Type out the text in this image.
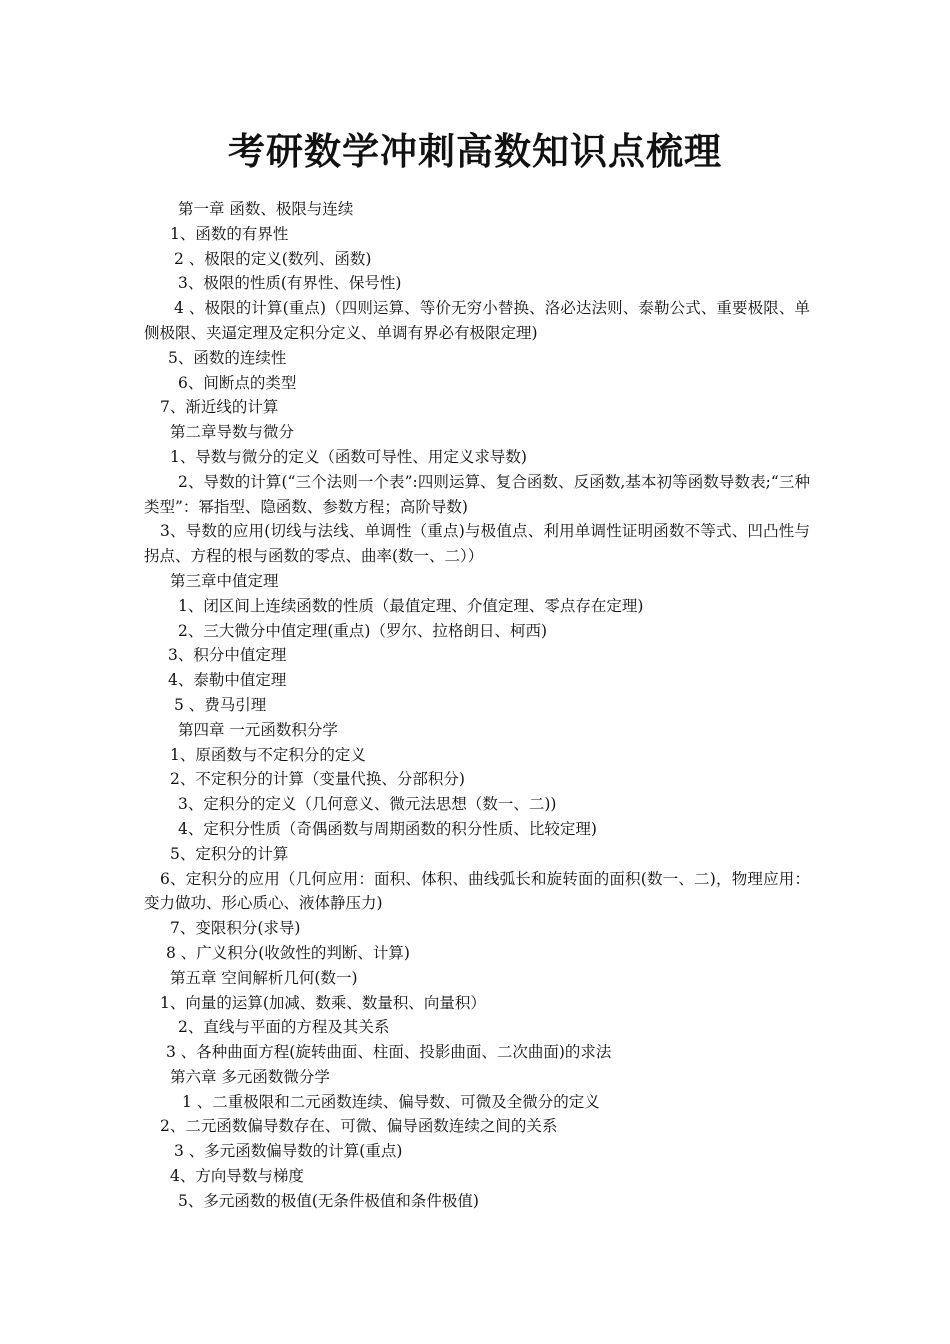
考研数学冲刺高数知识点梳理

第一章 函数、极限与连续

1、函数的有界性

2 、极限的定义(数列、函数)

3、极限的性质(有界性、保号性)

4 、极限的计算(重点)（四则运算、等价无穷小替换、洛必达法则、泰勒公式、重要极限、单侧极限、夹逼定理及定积分定义、单调有界必有极限定理)

5、函数的连续性

6、间断点的类型

7、渐近线的计算

第二章导数与微分

1、导数与微分的定义（函数可导性、用定义求导数)

2、导数的计算(“三个法则一个表”:四则运算、复合函数、反函数,基本初等函数导数表;“三种类型”：幂指型、隐函数、参数方程；高阶导数)

3、导数的应用(切线与法线、单调性（重点)与极值点、利用单调性证明函数不等式、凹凸性与拐点、方程的根与函数的零点、曲率(数一、二））

第三章中值定理

1、闭区间上连续函数的性质（最值定理、介值定理、零点存在定理)

2、三大微分中值定理(重点)（罗尔、拉格朗日、柯西)

3、积分中值定理

4、泰勒中值定理

5 、费马引理

第四章 一元函数积分学

1、原函数与不定积分的定义

2、不定积分的计算（变量代换、分部积分)

3、定积分的定义（几何意义、微元法思想（数一、二))

4、定积分性质（奇偶函数与周期函数的积分性质、比较定理)

5、定积分的计算

6、定积分的应用（几何应用：面积、体积、曲线弧长和旋转面的面积(数一、二)，物理应用：变力做功、形心质心、液体静压力)

7、变限积分(求导)

8 、广义积分(收敛性的判断、计算)

第五章 空间解析几何(数一)

1、向量的运算(加减、数乘、数量积、向量积）

2、直线与平面的方程及其关系

3 、各种曲面方程(旋转曲面、柱面、投影曲面、二次曲面)的求法

第六章 多元函数微分学

1 、二重极限和二元函数连续、偏导数、可微及全微分的定义

2、二元函数偏导数存在、可微、偏导函数连续之间的关系

3 、多元函数偏导数的计算(重点)

4、方向导数与梯度

5、多元函数的极值(无条件极值和条件极值)
